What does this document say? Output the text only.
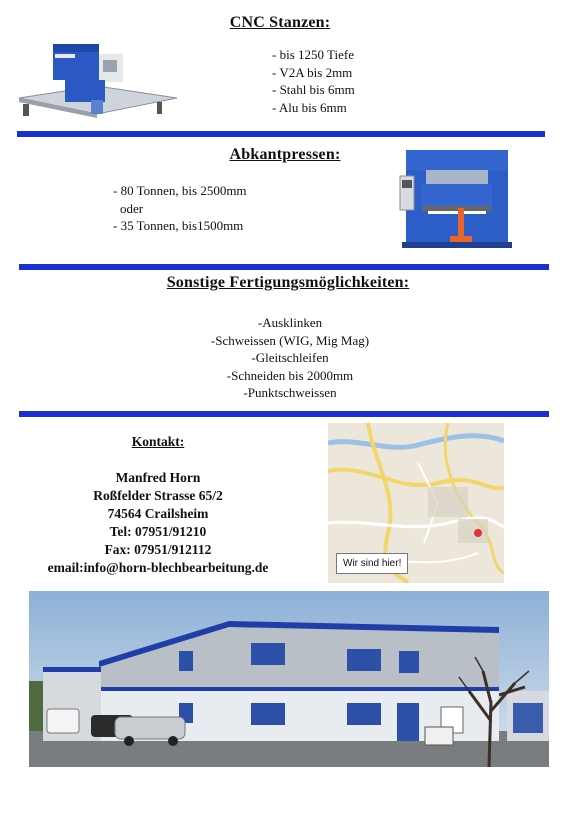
CNC Stanzen:
- bis 1250 Tiefe
- V2A bis 2mm
- Stahl bis 6mm
- Alu bis 6mm
Abkantpressen:
- 80 Tonnen, bis 2500mm
oder
- 35 Tonnen, bis1500mm
Sonstige Fertigungsmöglichkeiten:
-Ausklinken
-Schweissen (WIG, Mig Mag)
-Gleitschleifen
-Schneiden bis 2000mm
-Punktschweissen
Kontakt:
Manfred Horn
Roßfelder Strasse 65/2
74564 Crailsheim
Tel: 07951/91210
Fax: 07951/912112
email:info@horn-blechbearbeitung.de	Wir sind hier!
